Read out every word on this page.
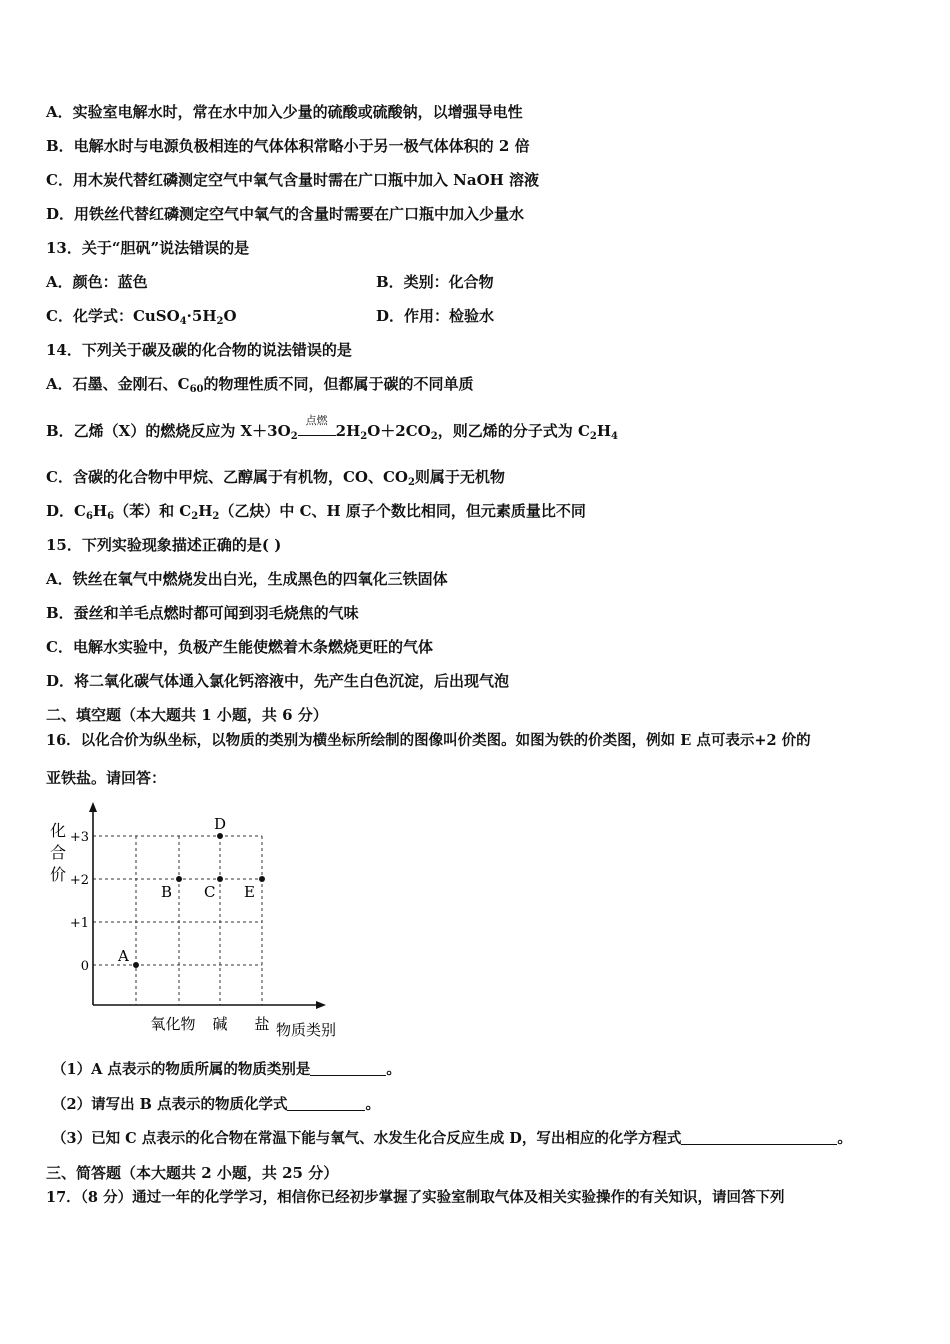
A．实验室电解水时，常在水中加入少量的硫酸或硫酸钠，以增强导电性
B．电解水时与电源负极相连的气体体积常略小于另一极气体体积的 2 倍
C．用木炭代替红磷测定空气中氧气含量时需在广口瓶中加入 NaOH 溶液
D．用铁丝代替红磷测定空气中氧气的含量时需要在广口瓶中加入少量水
13．关于“胆矾”说法错误的是
A．颜色：蓝色	B．类别：化合物
C．化学式：$CuSO_4\cdot 5H_2O$	D．作用：检验水
14．下列关于碳及碳的化合物的说法错误的是
A．石墨、金刚石、$C_{60}$的物理性质不同，但都属于碳的不同单质
B．乙烯（X）的燃烧反应为 $X+3O_2$
点燃
$2H_2O+2CO_2$，则乙烯的分子式为 $C_2H_4$
C．含碳的化合物中甲烷、乙醇属于有机物，CO、$CO_2$则属于无机物
D．$C_6H_6$（苯）和 $C_2H_2$（乙炔）中 C、H 原子个数比相同，但元素质量比不同
15．下列实验现象描述正确的是( )
A．铁丝在氧气中燃烧发出白光，生成黑色的四氧化三铁固体
B．蚕丝和羊毛点燃时都可闻到羽毛烧焦的气味
C．电解水实验中，负极产生能使燃着木条燃烧更旺的气体
D．将二氧化碳气体通入氯化钙溶液中，先产生白色沉淀，后出现气泡
二、填空题（本大题共 1 小题，共 6 分）
16．以化合价为纵坐标，以物质的类别为横坐标所绘制的图像叫价类图。如图为铁的价类图，例如 E 点可表示+2 价的
亚铁盐。请回答：
0
+1
+2
+3
化
合
价
氧化物 碱 盐 物质类别
A
B C
D
E
（1）A 点表示的物质所属的物质类别是	。
（2）请写出 B 点表示的物质化学式	。
（3）已知 C 点表示的化合物在常温下能与氧气、水发生化合反应生成 D，写出相应的化学方程式	。
三、简答题（本大题共 2 小题，共 25 分）
17．（8 分）通过一年的化学学习，相信你已经初步掌握了实验室制取气体及相关实验操作的有关知识，请回答下列
